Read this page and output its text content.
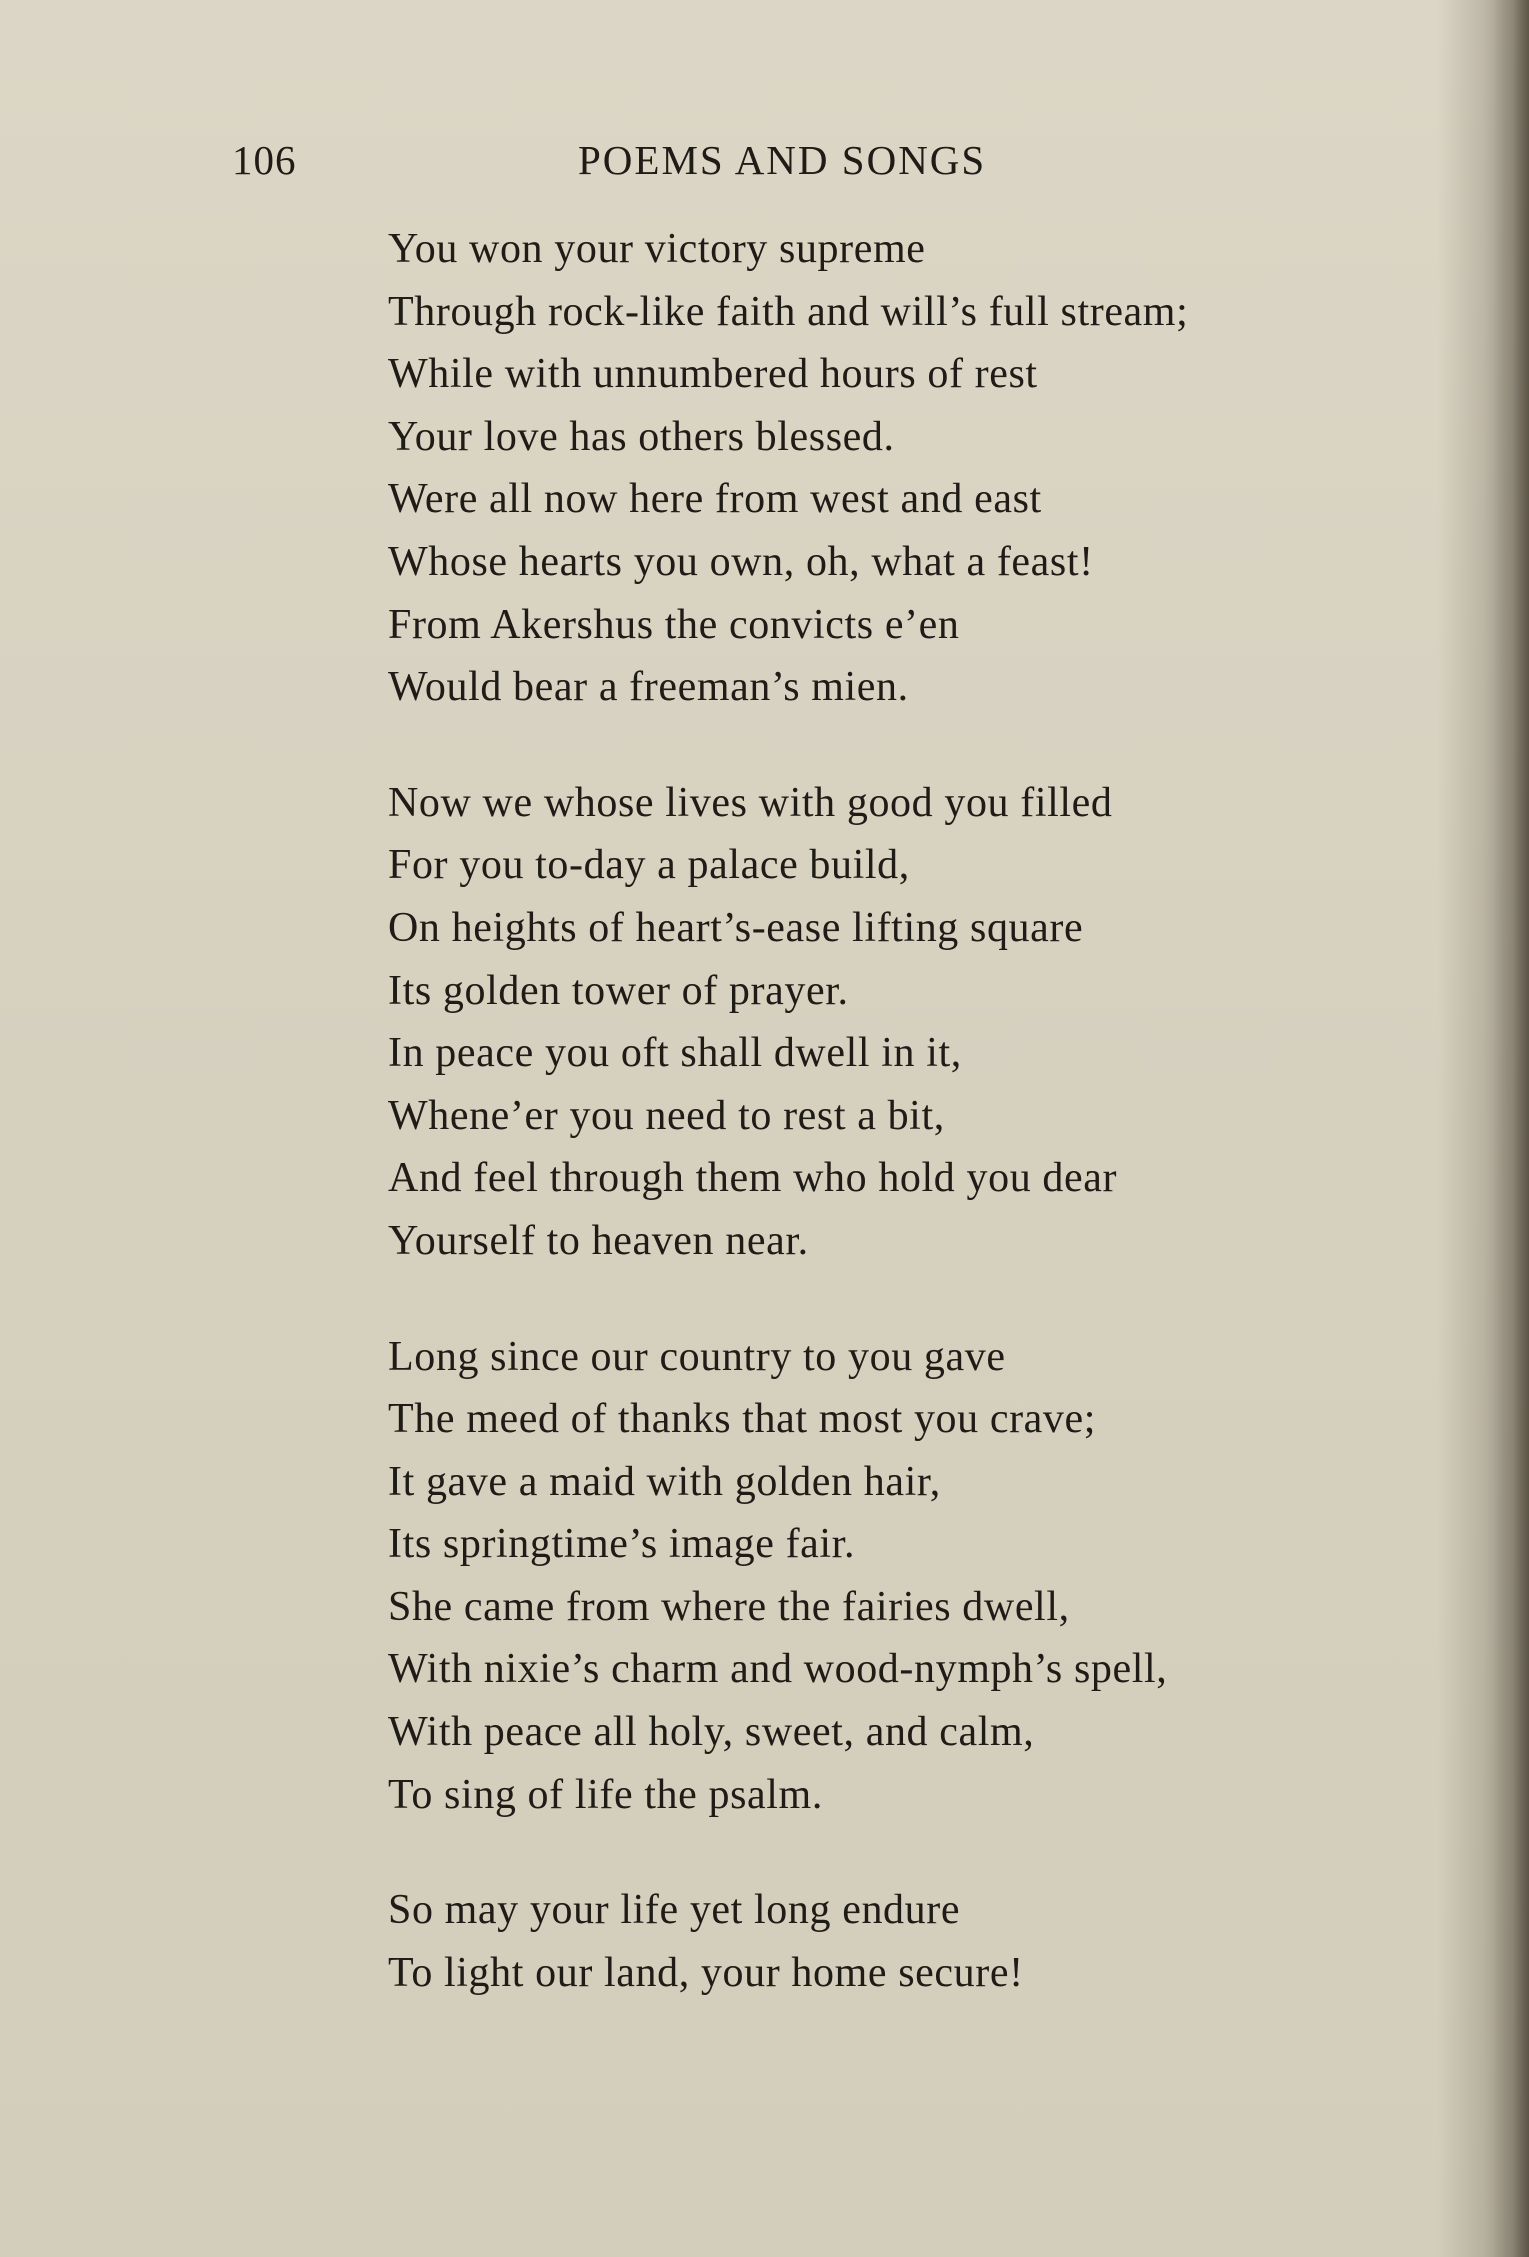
106	POEMS AND SONGS
You won your victory supreme
Through rock-like faith and will’s full stream;
While with unnumbered hours of rest
Your love has others blessed.
Were all now here from west and east
Whose hearts you own, oh, what a feast!
From Akershus the convicts e’en
Would bear a freeman’s mien.
Now we whose lives with good you filled
For you to-day a palace build,
On heights of heart’s-ease lifting square
Its golden tower of prayer.
In peace you oft shall dwell in it,
Whene’er you need to rest a bit,
And feel through them who hold you dear
Yourself to heaven near.
Long since our country to you gave
The meed of thanks that most you crave;
It gave a maid with golden hair,
Its springtime’s image fair.
She came from where the fairies dwell,
With nixie’s charm and wood-nymph’s spell,
With peace all holy, sweet, and calm,
To sing of life the psalm.
So may your life yet long endure
To light our land, your home secure!
